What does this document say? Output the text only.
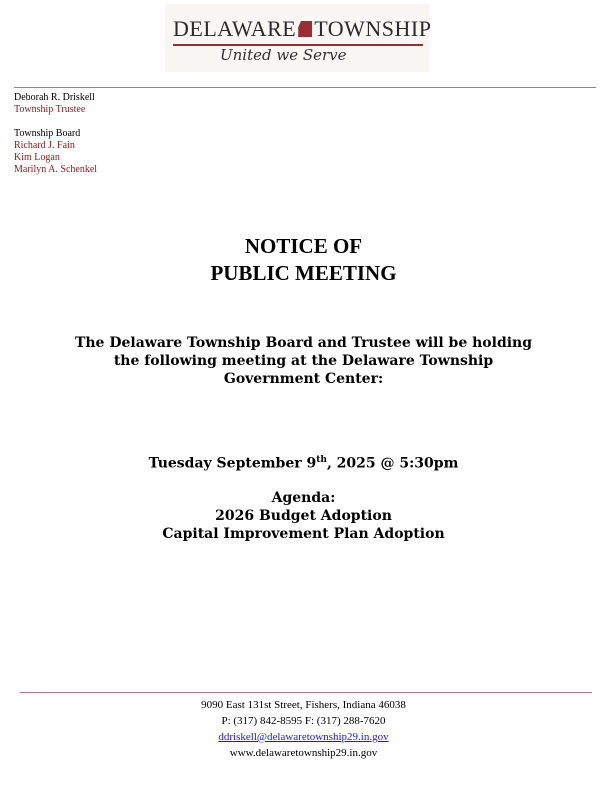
DELAWARE TOWNSHIP
United we Serve
Deborah R. Driskell
Township Trustee
Township Board
Richard J. Fain
Kim Logan
Marilyn A. Schenkel
NOTICE OF
PUBLIC MEETING
The Delaware Township Board and Trustee will be holding
the following meeting at the Delaware Township
Government Center:
Tuesday September 9th, 2025 @ 5:30pm
Agenda:
2026 Budget Adoption
Capital Improvement Plan Adoption
9090 East 131st Street, Fishers, Indiana 46038
P: (317) 842-8595 F: (317) 288-7620
ddriskell@delawaretownship29.in.gov
www.delawaretownship29.in.gov
